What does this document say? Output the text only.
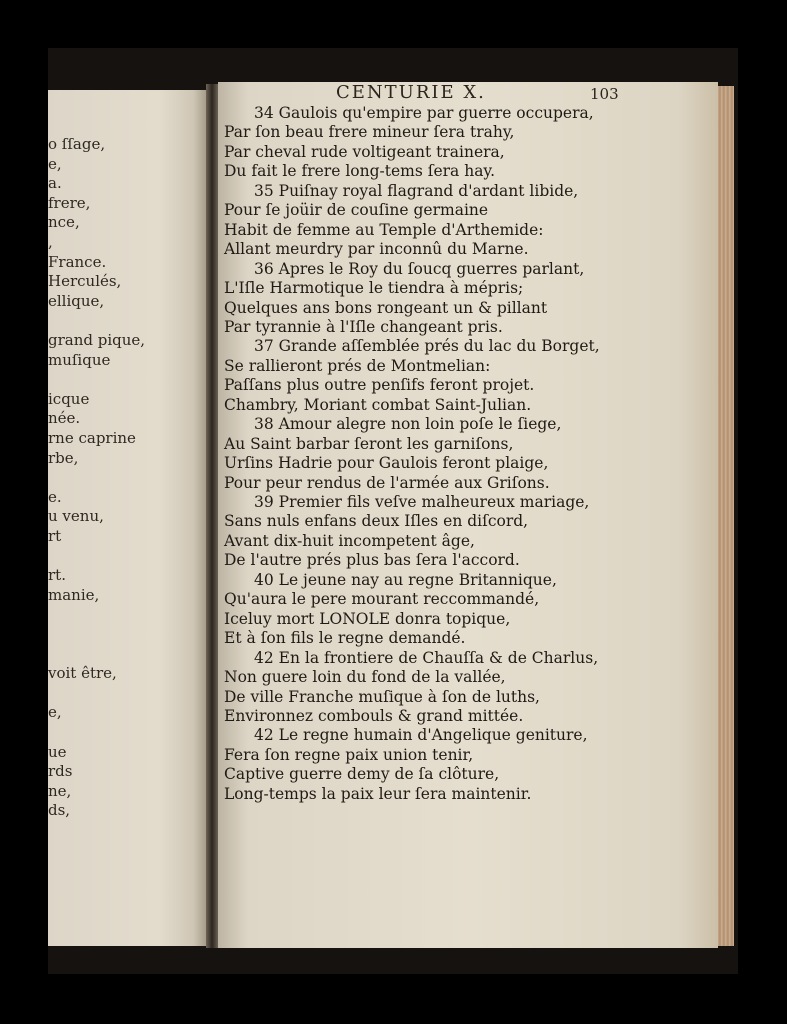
o ſſage,
e,
a.
frere,
nce,
,
France.
Herculés,
ellique,
grand pique,
muſique
icque
née.
rne caprine
rbe,
e.
u venu,
rt
rt.
manie,
voit être,
e,
ue
rds
ne,
ds,
CENTURIE X.	103
34 Gaulois qu'empire par guerre occupera,
Par ſon beau frere mineur ſera trahy,
Par cheval rude voltigeant trainera,
Du fait le frere long-tems ſera hay.
35 Puiſnay royal flagrand d'ardant libide,
Pour ſe joüir de couſine germaine
Habit de femme au Temple d'Arthemide:
Allant meurdry par inconnû du Marne.
36 Apres le Roy du ſoucq guerres parlant,
L'Iſle Harmotique le tiendra à mépris;
Quelques ans bons rongeant un & pillant
Par tyrannie à l'Iſle changeant pris.
37 Grande aſſemblée prés du lac du Borget,
Se rallieront prés de Montmelian:
Paſſans plus outre penſifs feront projet.
Chambry, Moriant combat Saint-Julian.
38 Amour alegre non loin poſe le ſiege,
Au Saint barbar ſeront les garniſons,
Urſins Hadrie pour Gaulois feront plaige,
Pour peur rendus de l'armée aux Griſons.
39 Premier fils veſve malheureux mariage,
Sans nuls enfans deux Iſles en diſcord,
Avant dix-huit incompetent âge,
De l'autre prés plus bas ſera l'accord.
40 Le jeune nay au regne Britannique,
Qu'aura le pere mourant reccommandé,
Iceluy mort LONOLE donra topique,
Et à ſon fils le regne demandé.
42 En la frontiere de Chauſſa & de Charlus,
Non guere loin du fond de la vallée,
De ville Franche muſique à ſon de luths,
Environnez combouls & grand mittée.
42 Le regne humain d'Angelique geniture,
Fera ſon regne paix union tenir,
Captive guerre demy de ſa clôture,
Long-temps la paix leur ſera maintenir.
